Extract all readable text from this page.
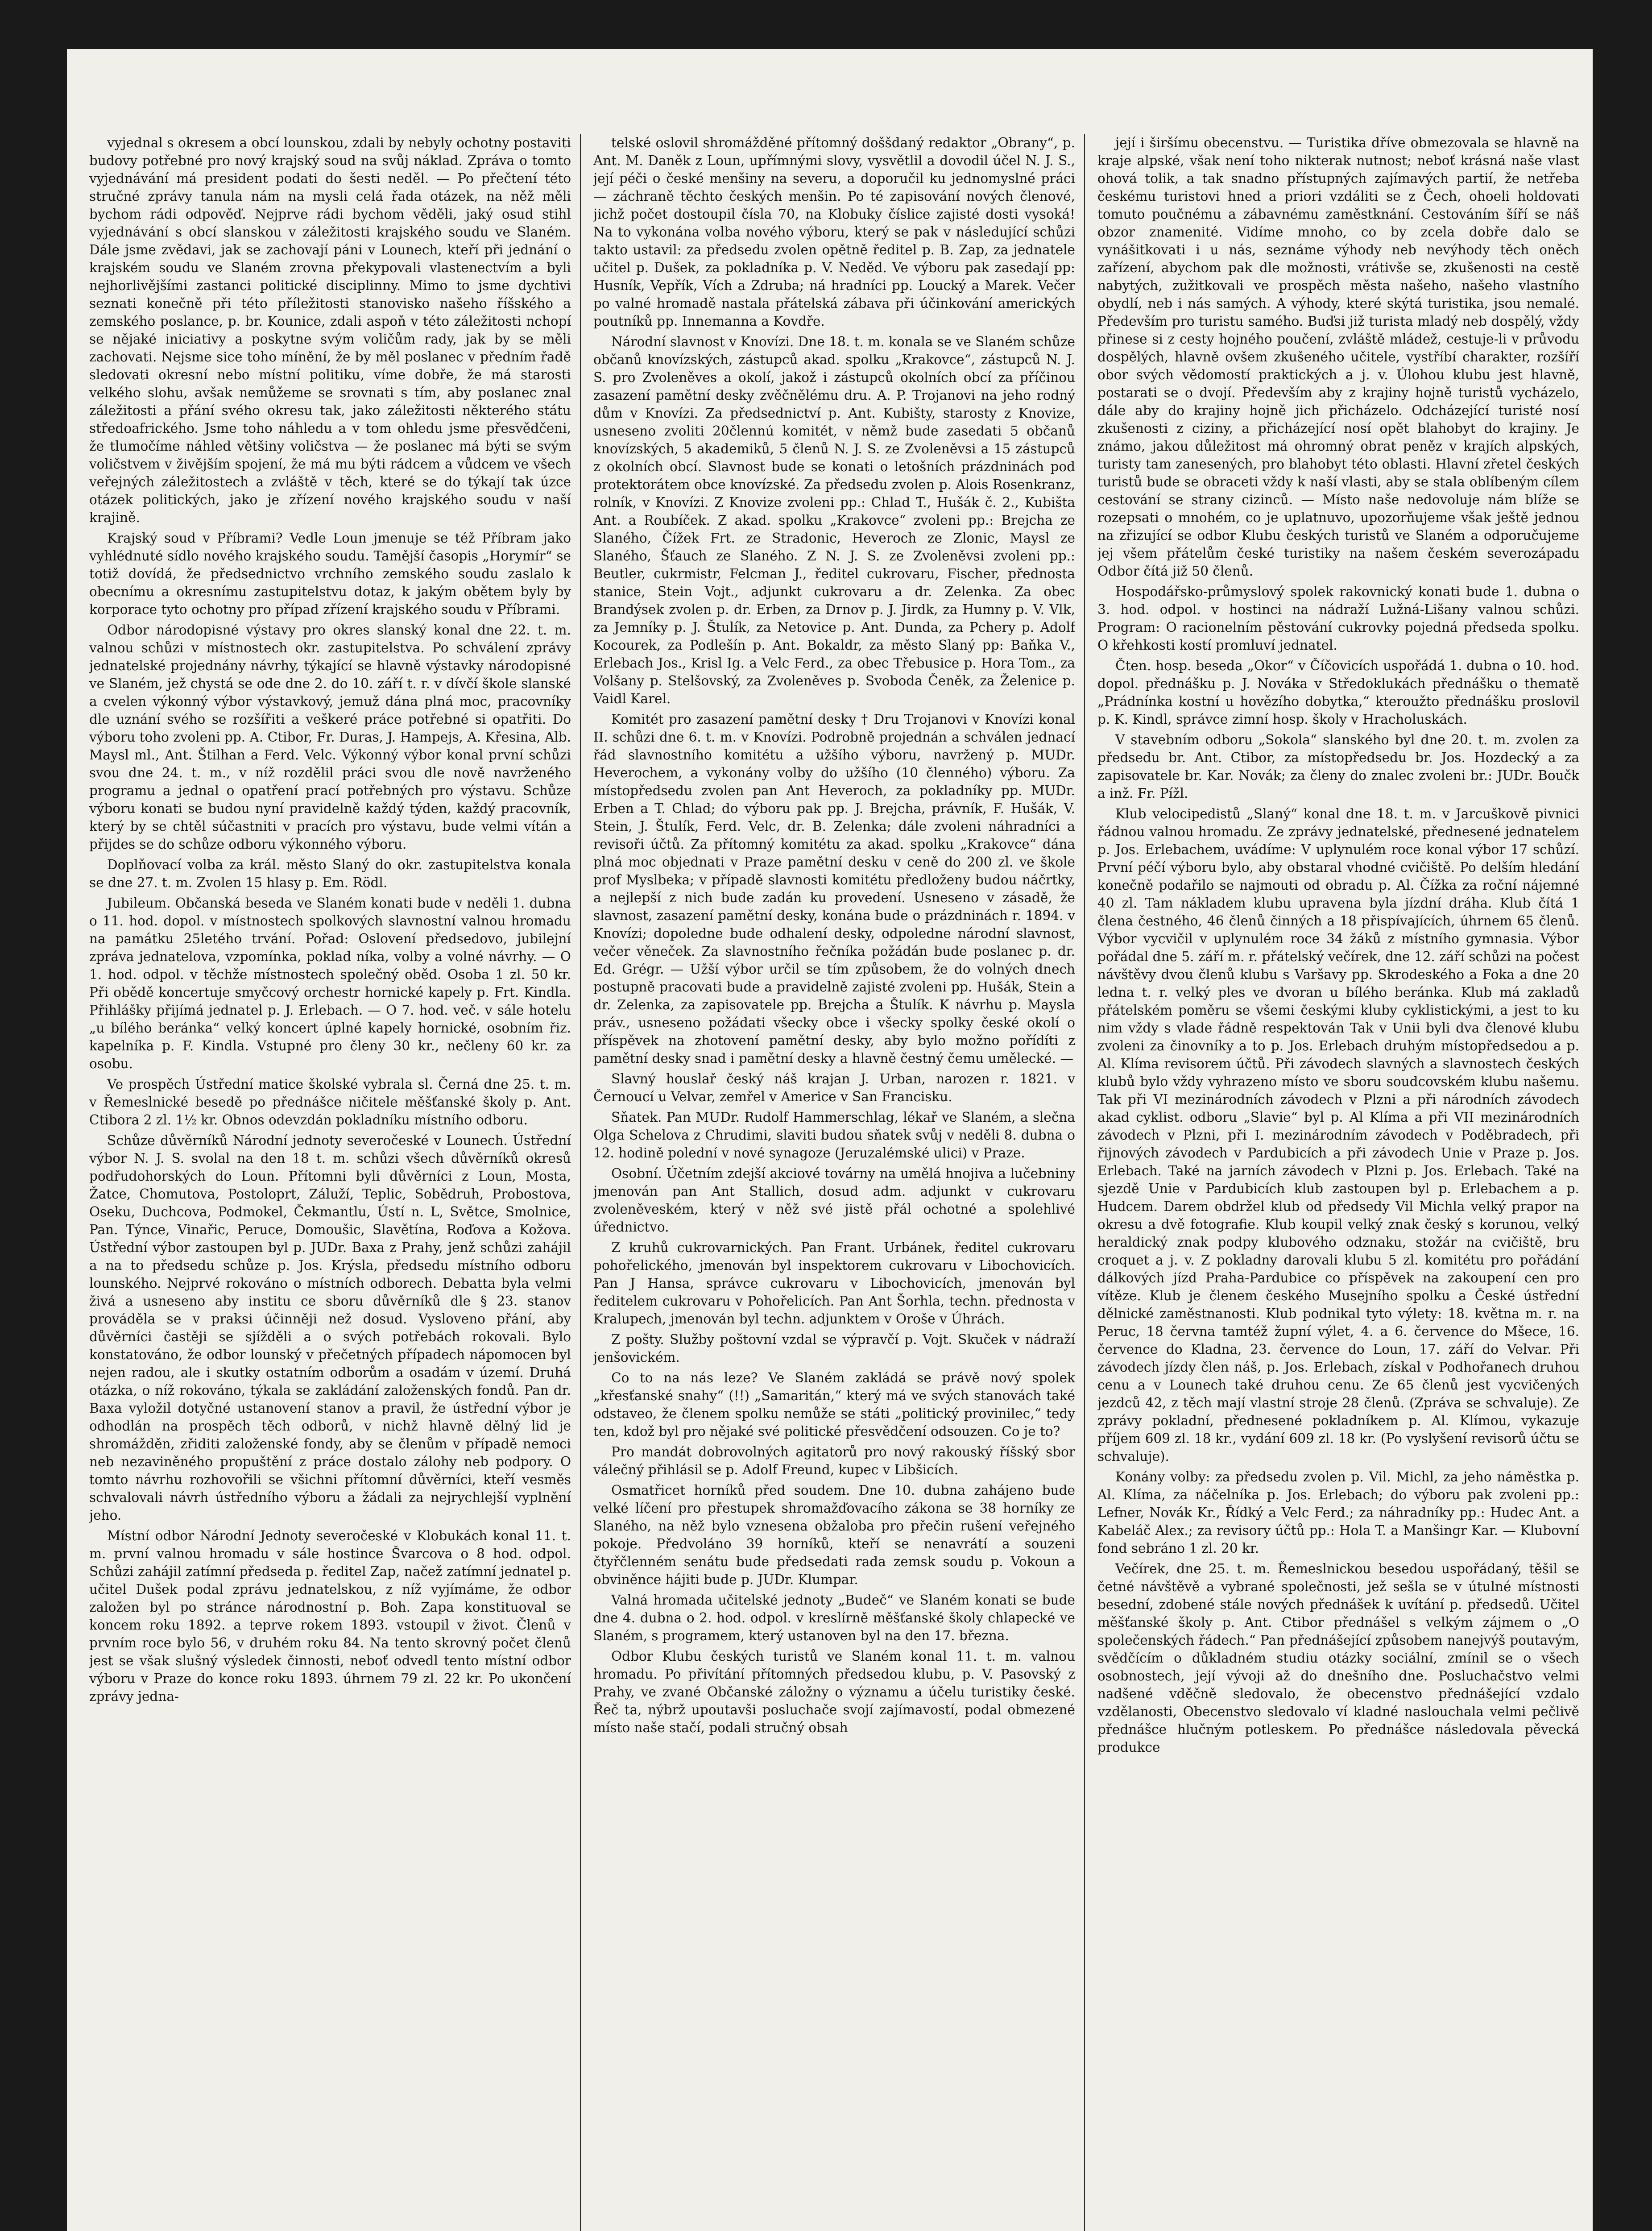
vyjednal s okresem a obcí lounskou, zdali by nebyly ochotny postaviti budovy potřebné pro nový krajský soud na svůj náklad. Zpráva o tomto vyjednávání má president podati do šesti neděl. — Po přečtení této stručné zprávy tanula nám na mysli celá řada otázek, na něž měli bychom rádi odpověď. Nejprve rádi bychom věděli, jaký osud stihl vyjednávání s obcí slanskou v záležitosti krajského soudu ve Slaném. Dále jsme zvědavi, jak se zachovají páni v Lounech, kteří při jednání o krajském soudu ve Slaném zrovna překypovali vlastenectvím a byli nejhorlivějšími zastanci politické disciplinny. Mimo to jsme dychtivi seznati konečně při této příležitosti stanovisko našeho říšského a zemského poslance, p. br. Kounice, zdali aspoň v této záležitosti nchopí se nějaké iniciativy a poskytne svým voličům rady, jak by se měli zachovati. Nejsme sice toho mínění, že by měl poslanec v předním řadě sledovati okresní nebo místní politiku, víme dobře, že má starosti velkého slohu, avšak nemůžeme se srovnati s tím, aby poslanec znal záležitosti a přání svého okresu tak, jako záležitosti některého státu středoafrického. Jsme toho náhledu a v tom ohledu jsme přesvědčeni, že tlumočíme náhled většiny voličstva — že poslanec má býti se svým voličstvem v živějším spojení, že má mu býti rádcem a vůdcem ve všech veřejných záležitostech a zvláště v těch, které se do týkají tak úzce otázek politických, jako je zřízení nového krajského soudu v naší krajině.

Krajský soud v Příbrami? Vedle Loun jmenuje se též Příbram jako vyhlédnuté sídlo nového krajského soudu. Tamější časopis „Horymír“ se totiž dovídá, že předsednictvo vrchního zemského soudu zaslalo k obecnímu a okresnímu zastupitelstvu dotaz, k jakým obětem byly by korporace tyto ochotny pro případ zřízení krajského soudu v Příbrami.

Odbor národopisné výstavy pro okres slanský konal dne 22. t. m. valnou schůzi v místnostech okr. zastupitelstva. Po schválení zprávy jednatelské projednány návrhy, týkající se hlavně výstavky národopisné ve Slaném, jež chystá se ode dne 2. do 10. září t. r. v dívčí škole slanské a cvelen výkonný výbor výstavkový, jemuž dána plná moc, pracovníky dle uznání svého se rozšířiti a veškeré práce potřebné si opatřiti. Do výboru toho zvoleni pp. A. Ctibor, Fr. Duras, J. Hampejs, A. Křesina, Alb. Maysl ml., Ant. Štilhan a Ferd. Velc. Výkonný výbor konal první schůzi svou dne 24. t. m., v níž rozdělil práci svou dle nově navrženého programu a jednal o opatření prací potřebných pro výstavu. Schůze výboru konati se budou nyní pravidelně každý týden, každý pracovník, který by se chtěl súčastniti v pracích pro výstavu, bude velmi vítán a přijdes se do schůze odboru výkonného výboru.

Doplňovací volba za král. město Slaný do okr. zastupitelstva konala se dne 27. t. m. Zvolen 15 hlasy p. Em. Rödl.

Jubileum. Občanská beseda ve Slaném konati bude v neděli 1. dubna o 11. hod. dopol. v místnostech spolkových slavnostní valnou hromadu na památku 25letého trvání. Pořad: Oslovení předsedovo, jubilejní zpráva jednatelova, vzpomínka, poklad níka, volby a volné návrhy. — O 1. hod. odpol. v těchže místnostech společný oběd. Osoba 1 zl. 50 kr. Při obědě koncertuje smyčcový orchestr hornické kapely p. Frt. Kindla. Přihlášky přijímá jednatel p. J. Erlebach. — O 7. hod. več. v sále hotelu „u bílého beránka“ velký koncert úplné kapely hornické, osobním řiz. kapelníka p. F. Kindla. Vstupné pro členy 30 kr., nečleny 60 kr. za osobu.

Ve prospěch Ústřední matice školské vybrala sl. Černá dne 25. t. m. v Řemeslnické besedě po přednášce ničitele měšťanské školy p. Ant. Ctibora 2 zl. 1½ kr. Obnos odevzdán pokladníku místního odboru.

Schůze důvěrníků Národní jednoty severočeské v Lounech. Ústřední výbor N. J. S. svolal na den 18 t. m. schůzi všech důvěrníků okresů podřudohorských do Loun. Přítomni byli důvěrníci z Loun, Mosta, Žatce, Chomutova, Postoloprt, Záluží, Teplic, Sobědruh, Probostova, Oseku, Duchcova, Podmokel, Čekmantlu, Ústí n. L, Světce, Smolnice, Pan. Týnce, Vinařic, Peruce, Domoušic, Slavětína, Roďova a Kožova. Ústřední výbor zastoupen byl p. JUDr. Baxa z Prahy, jenž schůzi zahájil a na to předsedu schůze p. Jos. Krýsla, předsedu místního odboru lounského. Nejprvé rokováno o místních odborech. Debatta byla velmi živá a usneseno aby institu ce sboru důvěrníků dle § 23. stanov prováděla se v praksi účinněji než dosud. Vysloveno přání, aby důvěrníci častěji se sjížděli a o svých potřebách rokovali. Bylo konstatováno, že odbor lounský v přečetných případech nápomocen byl nejen radou, ale i skutky ostatním odborům a osadám v území. Druhá otázka, o níž rokováno, týkala se zakládání založenských fondů. Pan dr. Baxa vyložil dotyčné ustanovení stanov a pravil, že ústřední výbor je odhodlán na prospěch těch odborů, v nichž hlavně dělný lid je shromážděn, zřiditi založenské fondy, aby se členům v případě nemoci neb nezaviněného propuštění z práce dostalo zálohy neb podpory. O tomto návrhu rozhovořili se všichni přítomní důvěrníci, kteří vesměs schvalovali návrh ústředního výboru a žádali za nejrychlejší vyplnění jeho.

Místní odbor Národní Jednoty severočeské v Klobukách konal 11. t. m. první valnou hromadu v sále hostince Švarcova o 8 hod. odpol. Schůzi zahájil zatímní předseda p. ředitel Zap, načež zatímní jednatel p. učitel Dušek podal zprávu jednatelskou, z níž vyjímáme, že odbor založen byl po stránce národnostní p. Boh. Zapa konstituoval se koncem roku 1892. a teprve rokem 1893. vstoupil v život. Členů v prvním roce bylo 56, v druhém roku 84. Na tento skrovný počet členů jest se však slušný výsledek činnosti, neboť odvedl tento místní odbor výboru v Praze do konce roku 1893. úhrnem 79 zl. 22 kr. Po ukončení zprávy jedna-

telské oslovil shromážděné přítomný doššdaný redaktor „Obrany“, p. Ant. M. Daněk z Loun, upřímnými slovy, vysvětlil a dovodil účel N. J. S., její péči o české menšiny na severu, a doporučil ku jednomyslné práci — záchraně těchto českých menšin. Po té zapisování nových členové, jichž počet dostoupil čísla 70, na Klobuky číslice zajisté dosti vysoká! Na to vykonána volba nového výboru, který se pak v následující schůzi takto ustavil: za předsedu zvolen opětně ředitel p. B. Zap, za jednatele učitel p. Dušek, za pokladníka p. V. Neděd. Ve výboru pak zasedají pp: Husník, Vepřík, Vích a Zdruba; ná hradníci pp. Loucký a Marek. Večer po valné hromadě nastala přátelská zábava při účinkování amerických poutníků pp. Innemanna a Kovdře.

Národní slavnost v Knovízi. Dne 18. t. m. konala se ve Slaném schůze občanů knovízských, zástupců akad. spolku „Krakovce“, zástupců N. J. S. pro Zvoleněves a okolí, jakož i zástupců okolních obcí za příčinou zasazení pamětní desky zvěčnělému dru. A. P. Trojanovi na jeho rodný dům v Knovízi. Za předsednictví p. Ant. Kubišty, starosty z Knovize, usneseno zvoliti 20člennú komitét, v němž bude zasedati 5 občanů knovízských, 5 akademiků, 5 členů N. J. S. ze Zvoleněvsi a 15 zástupců z okolních obcí. Slavnost bude se konati o letošních prázdninách pod protektorátem obce knovízské. Za předsedu zvolen p. Alois Rosenkranz, rolník, v Knovízi. Z Knovize zvoleni pp.: Chlad T., Hušák č. 2., Kubišta Ant. a Roubíček. Z akad. spolku „Krakovce“ zvoleni pp.: Brejcha ze Slaného, Čížek Frt. ze Stradonic, Heveroch ze Zlonic, Maysl ze Slaného, Šťauch ze Slaného. Z N. J. S. ze Zvoleněvsi zvoleni pp.: Beutler, cukrmistr, Felcman J., ředitel cukrovaru, Fischer, přednosta stanice, Stein Vojt., adjunkt cukrovaru a dr. Zelenka. Za obec Brandýsek zvolen p. dr. Erben, za Drnov p. J. Jirdk, za Humny p. V. Vlk, za Jemníky p. J. Štulík, za Netovice p. Ant. Dunda, za Pchery p. Adolf Kocourek, za Podlešín p. Ant. Bokaldr, za město Slaný pp: Baňka V., Erlebach Jos., Krisl Ig. a Velc Ferd., za obec Třebusice p. Hora Tom., za Volšany p. Stelšovský, za Zvoleněves p. Svoboda Čeněk, za Želenice p. Vaidl Karel.

Komitét pro zasazení pamětní desky † Dru Trojanovi v Knovízi konal II. schůzi dne 6. t. m. v Knovízi. Podrobně projednán a schválen jednací řád slavnostního komitétu a užšího výboru, navržený p. MUDr. Heverochem, a vykonány volby do užšího (10 členného) výboru. Za místopředsedu zvolen pan Ant Heveroch, za pokladníky pp. MUDr. Erben a T. Chlad; do výboru pak pp. J. Brejcha, právník, F. Hušák, V. Stein, J. Štulík, Ferd. Velc, dr. B. Zelenka; dále zvoleni náhradníci a revisoři účtů. Za přítomný komitétu za akad. spolku „Krakovce“ dána plná moc objednati v Praze pamětní desku v ceně do 200 zl. ve škole prof Myslbeka; v případě slavnosti komitétu předloženy budou náčrtky, a nejlepší z nich bude zadán ku provedení. Usneseno v zásadě, že slavnost, zasazení pamětní desky, konána bude o prázdninách r. 1894. v Knovízi; dopoledne bude odhalení desky, odpoledne národní slavnost, večer věneček. Za slavnostního řečníka požádán bude poslanec p. dr. Ed. Grégr. — Užší výbor určil se tím způsobem, že do volných dnech postupně pracovati bude a pravidelně zajisté zvoleni pp. Hušák, Stein a dr. Zelenka, za zapisovatele pp. Brejcha a Štulík. K návrhu p. Maysla práv., usneseno požádati všecky obce i všecky spolky české okolí o příspěvek na zhotovení pamětní desky, aby bylo možno pořídíti z pamětní desky snad i pamětní desky a hlavně čestný čemu umělecké. —

Slavný houslař český náš krajan J. Urban, narozen r. 1821. v Černoucí u Velvar, zemřel v Americe v San Francisku.

Sňatek. Pan MUDr. Rudolf Hammerschlag, lékař ve Slaném, a slečna Olga Schelova z Chrudimi, slaviti budou sňatek svůj v neděli 8. dubna o 12. hodině polední v nové synagoze (Jeruzalémské ulici) v Praze.

Osobní. Účetním zdejší akciové továrny na umělá hnojiva a lučebniny jmenován pan Ant Stallich, dosud adm. adjunkt v cukrovaru zvoleněveském, který v něž své jistě přál ochotné a spolehlivé úřednictvo.

Z kruhů cukrovarnických. Pan Frant. Urbánek, ředitel cukrovaru pohořelického, jmenován byl inspektorem cukrovaru v Libochovicích. Pan J Hansa, správce cukrovaru v Libochovicích, jmenován byl ředitelem cukrovaru v Pohořelicích. Pan Ant Šorhla, techn. přednosta v Kralupech, jmenován byl techn. adjunktem v Oroše v Úhrách.

Z pošty. Služby poštovní vzdal se výpravčí p. Vojt. Skuček v nádraží jenšovickém.

Co to na nás leze? Ve Slaném zakládá se právě nový spolek „křesťanské snahy“ (!!) „Samaritán,“ který má ve svých stanovách také odstaveo, že členem spolku nemůže se státi „politický provinilec,“ tedy ten, kdož byl pro nějaké své politické přesvědčení odsouzen. Co je to?

Pro mandát dobrovolných agitatorů pro nový rakouský říšský sbor válečný přihlásil se p. Adolf Freund, kupec v Libšicích.

Osmatřicet horníků před soudem. Dne 10. dubna zahájeno bude velké líčení pro přestupek shromažďovacího zákona se 38 horníky ze Slaného, na něž bylo vznesena obžaloba pro přečin rušení veřejného pokoje. Předvoláno 39 horníků, kteří se nenavrátí a souzeni čtyřčlenném senátu bude předsedati rada zemsk soudu p. Vokoun a obviněnce hájiti bude p. JUDr. Klumpar.

Valná hromada učitelské jednoty „Budeč“ ve Slaném konati se bude dne 4. dubna o 2. hod. odpol. v kreslírně měšťanské školy chlapecké ve Slaném, s programem, který ustanoven byl na den 17. března.

Odbor Klubu českých turistů ve Slaném konal 11. t. m. valnou hromadu. Po přivítání přítomných předsedou klubu, p. V. Pasovský z Prahy, ve zvané Občanské záložny o významu a účelu turistiky české. Řeč ta, nýbrž upoutavši posluchače svojí zajímavostí, podal obmezené místo naše stačí, podali stručný obsah

její i širšímu obecenstvu. — Turistika dříve obmezovala se hlavně na kraje alpské, však není toho nikterak nutnost; neboť krásná naše vlast ohová tolik, a tak snadno přístupných zajímavých partií, že netřeba českému turistovi hned a priori vzdáliti se z Čech, ohoeli holdovati tomuto poučnému a zábavnému zaměstknání. Cestováním šíří se náš obzor znamenité. Vidíme mnoho, co by zcela dobře dalo se vynášitkovati i u nás, seznáme výhody neb nevýhody těch oněch zařízení, abychom pak dle možnosti, vrátivše se, zkušenosti na cestě nabytých, zužitkovali ve prospěch města našeho, našeho vlastního obydlí, neb i nás samých. A výhody, které skýtá turistika, jsou nemalé. Především pro turistu samého. Buďsi již turista mladý neb dospělý, vždy přinese si z cesty hojného poučení, zvláště mládež, cestuje-li v průvodu dospělých, hlavně ovšem zkušeného učitele, vystříbí charakter, rozšíří obor svých vědomostí praktických a j. v. Úlohou klubu jest hlavně, postarati se o dvojí. Především aby z krajiny hojně turistů vycházelo, dále aby do krajiny hojně jich přicházelo. Odcházející turisté nosí zkušenosti z ciziny, a přicházející nosí opět blahobyt do krajiny. Je známo, jakou důležitost má ohromný obrat peněz v krajích alpských, turisty tam zanesených, pro blahobyt této oblasti. Hlavní zřetel českých turistů bude se obraceti vždy k naší vlasti, aby se stala oblíbeným cílem cestování se strany cizinců. — Místo naše nedovoluje nám blíže se rozepsati o mnohém, co je uplatnuvo, upozorňujeme však ještě jednou na zřizující se odbor Klubu českých turistů ve Slaném a odporučujeme jej všem přátelům české turistiky na našem českém severozápadu Odbor čítá již 50 členů.

Hospodářsko-průmyslový spolek rakovnický konati bude 1. dubna o 3. hod. odpol. v hostinci na nádraží Lužná-Lišany valnou schůzi. Program: O racionelním pěstování cukrovky pojedná předseda spolku. O křehkosti kostí promluví jednatel.

Čten. hosp. beseda „Okor“ v Číčovicích uspořádá 1. dubna o 10. hod. dopol. přednášku p. J. Nováka v Středoklukách přednášku o thematě „Prádnínka kostní u hovězího dobytka,“ kteroužto přednášku proslovil p. K. Kindl, správce zimní hosp. školy v Hracholuskách.

V stavebním odboru „Sokola“ slanského byl dne 20. t. m. zvolen za předsedu br. Ant. Ctibor, za místopředsedu br. Jos. Hozdecký a za zapisovatele br. Kar. Novák; za členy do znalec zvoleni br.: JUDr. Boučk a inž. Fr. Pížl.

Klub velocipedistů „Slaný“ konal dne 18. t. m. v Jarcuškově pivnici řádnou valnou hromadu. Ze zprávy jednatelské, přednesené jednatelem p. Jos. Erlebachem, uvádíme: V uplynulém roce konal výbor 17 schůzí. První péčí výboru bylo, aby obstaral vhodné cvičiště. Po delším hledání konečně podařilo se najmouti od obradu p. Al. Čížka za roční nájemné 40 zl. Tam nákladem klubu upravena byla jízdní dráha. Klub čítá 1 člena čestného, 46 členů činných a 18 přispívajících, úhrnem 65 členů. Výbor vycvičil v uplynulém roce 34 žáků z místního gymnasia. Výbor pořádal dne 5. září m. r. přátelský večírek, dne 12. září schůzi na počest návštěvy dvou členů klubu s Varšavy pp. Skrodeského a Foka a dne 20 ledna t. r. velký ples ve dvoran u bílého beránka. Klub má zakladů přátelském poměru se všemi českými kluby cyklistickými, a jest to ku nim vždy s vlade řádně respektován Tak v Unii byli dva členové klubu zvoleni za činovníky a to p. Jos. Erlebach druhým místopředsedou a p. Al. Klíma revisorem účtů. Při závodech slavných a slavnostech českých klubů bylo vždy vyhrazeno místo ve sboru soudcovském klubu našemu. Tak při VI mezinárodních závodech v Plzni a při národních závodech akad cyklist. odboru „Slavie“ byl p. Al Klíma a při VII mezinárodních závodech v Plzni, při I. mezinárodním závodech v Poděbradech, při řijnových závodech v Pardubicích a při závodech Unie v Praze p. Jos. Erlebach. Také na jarních závodech v Plzni p. Jos. Erlebach. Také na sjezdě Unie v Pardubicích klub zastoupen byl p. Erlebachem a p. Hudcem. Darem obdržel klub od předsedy Vil Michla velký prapor na okresu a dvě fotografie. Klub koupil velký znak český s korunou, velký heraldický znak podpy klubového odznaku, stožár na cvičiště, bru croquet a j. v. Z pokladny darovali klubu 5 zl. komitétu pro pořádání dálkových jízd Praha-Pardubice co příspěvek na zakoupení cen pro vítěze. Klub je členem českého Musejního spolku a České ústřední dělnické zaměstnanosti. Klub podnikal tyto výlety: 18. května m. r. na Peruc, 18 června tamtéž župní výlet, 4. a 6. července do Mšece, 16. července do Kladna, 23. července do Loun, 17. září do Velvar. Při závodech jízdy člen náš, p. Jos. Erlebach, získal v Podhořanech druhou cenu a v Lounech také druhou cenu. Ze 65 členů jest vycvičených jezdců 42, z těch mají vlastní stroje 28 členů. (Zpráva se schvaluje). Ze zprávy pokladní, přednesené pokladníkem p. Al. Klímou, vykazuje příjem 609 zl. 18 kr., vydání 609 zl. 18 kr. (Po vyslyšení revisorů účtu se schvaluje).

Konány volby: za předsedu zvolen p. Vil. Michl, za jeho náměstka p. Al. Klíma, za náčelníka p. Jos. Erlebach; do výboru pak zvoleni pp.: Lefner, Novák Kr., Řídký a Velc Ferd.; za náhradníky pp.: Hudec Ant. a Kabeláč Alex.; za revisory účtů pp.: Hola T. a Manšingr Kar. — Klubovní fond sebráno 1 zl. 20 kr.

Večírek, dne 25. t. m. Řemeslnickou besedou uspořádaný, těšil se četné návštěvě a vybrané společnosti, jež sešla se v útulné místnosti besední, zdobené stále nových přednášek k uvítání p. předsedů. Učitel měšťanské školy p. Ant. Ctibor přednášel s velkým zájmem o „O společenských řádech.“ Pan přednášející způsobem nanejvýš poutavým, svědčícím o důkladném studiu otázky sociální, zmínil se o všech osobnostech, její vývoji až do dnešního dne. Posluchačstvo velmi nadšené vděčně sledovalo, že obecenstvo přednášející vzdalo vzdělanosti, Obecenstvo sledovalo ví kladné naslouchala velmi pečlivě přednášce hlučným potleskem. Po přednášce následovala pěvecká produkce
